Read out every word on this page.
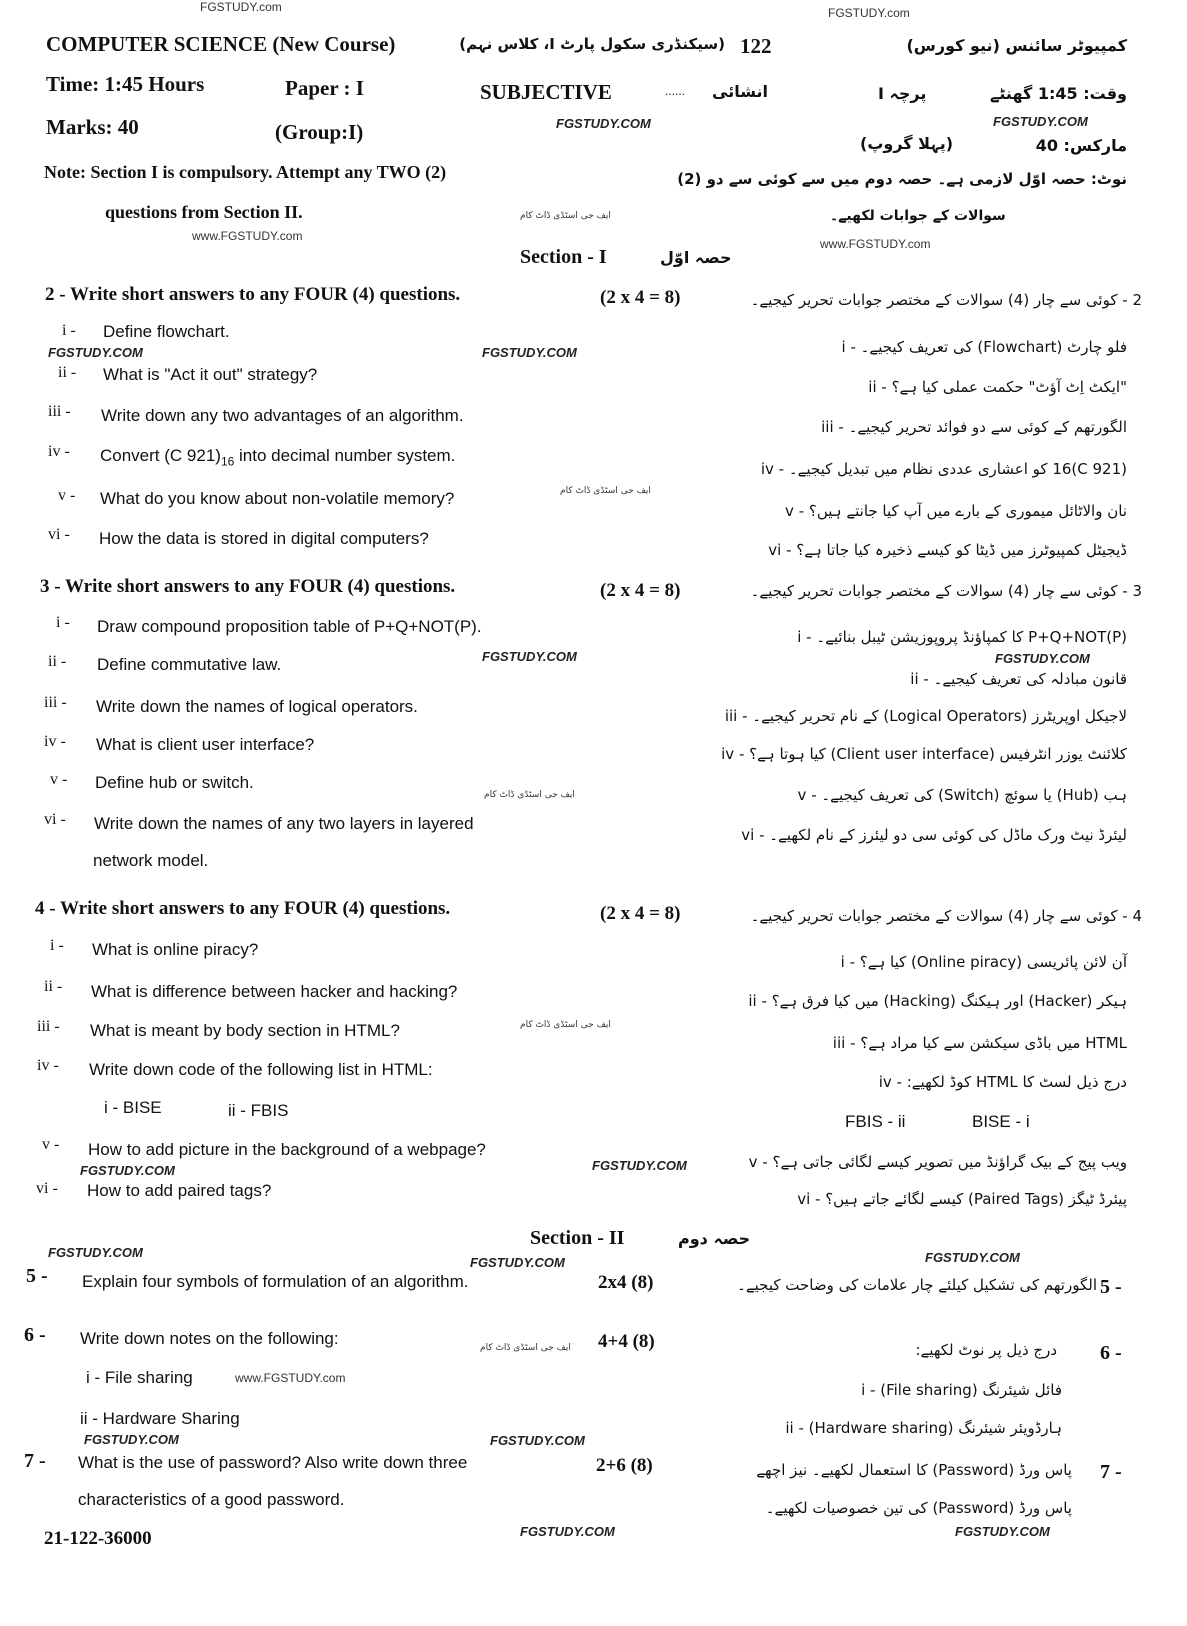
FGSTUDY.com	FGSTUDY.com
FGSTUDY.COM	FGSTUDY.COM
www.FGSTUDY.com
www.FGSTUDY.com
ایف جی اسٹڈی ڈاٹ کام
FGSTUDY.COM
FGSTUDY.COM
ایف جی اسٹڈی ڈاٹ کام
FGSTUDY.COM	FGSTUDY.COM
ایف جی اسٹڈی ڈاٹ کام
ایف جی اسٹڈی ڈاٹ کام
FGSTUDY.COM	FGSTUDY.COM
FGSTUDY.COM
FGSTUDY.COM	FGSTUDY.COM
ایف جی اسٹڈی ڈاٹ کام
www.FGSTUDY.com
FGSTUDY.COM	FGSTUDY.COM
FGSTUDY.COM	FGSTUDY.COM
COMPUTER SCIENCE (New Course)	122
(سیکنڈری سکول پارٹ I، کلاس نہم)	کمپیوٹر سائنس (نیو کورس)
Time: 1:45 Hours	Paper : I	SUBJECTIVE	...... انشائی	پرچہ I	وقت: 1:45 گھنٹے
Marks: 40	(Group:I)	(پہلا گروپ)	مارکس: 40
Note: Section I is compulsory. Attempt any TWO (2)
questions from Section II.
نوٹ: حصہ اوّل لازمی ہے۔ حصہ دوم میں سے کوئی سے دو (2)
سوالات کے جوابات لکھیے۔
Section - I	حصہ اوّل
2 - Write short answers to any FOUR (4) questions.	(2 x 4 = 8)	2 - کوئی سے چار (4) سوالات کے مختصر جوابات تحریر کیجیے۔
i - Define flowchart.
فلو چارٹ (Flowchart) کی تعریف کیجیے۔ - i
ii - What is "Act it out" strategy?
"ایکٹ اِٹ آؤٹ" حکمت عملی کیا ہے؟ - ii
iii - Write down any two advantages of an algorithm.
الگورتھم کے کوئی سے دو فوائد تحریر کیجیے۔ - iii
iv - Convert (C $921)_{16}$ into decimal number system.
(C 921)16 کو اعشاری عددی نظام میں تبدیل کیجیے۔ - iv
v - What do you know about non-volatile memory?
نان والاٹائل میموری کے بارے میں آپ کیا جانتے ہیں؟ - v
vi - How the data is stored in digital computers?
ڈیجیٹل کمپیوٹرز میں ڈیٹا کو کیسے ذخیرہ کیا جاتا ہے؟ - vi
3 - Write short answers to any FOUR (4) questions.	(2 x 4 = 8)	3 - کوئی سے چار (4) سوالات کے مختصر جوابات تحریر کیجیے۔
i - Draw compound proposition table of P+Q+NOT(P).
P+Q+NOT(P) کا کمپاؤنڈ پروپوزیشن ٹیبل بنائیے۔ - i
ii - Define commutative law.
قانون مبادلہ کی تعریف کیجیے۔ - ii
iii - Write down the names of logical operators.	لاجیکل اوپریٹرز (Logical Operators) کے نام تحریر کیجیے۔ - iii
iv - What is client user interface?	کلائنٹ یوزر انٹرفیس (Client user interface) کیا ہوتا ہے؟ - iv
v - Define hub or switch.
ہب (Hub) یا سوئچ (Switch) کی تعریف کیجیے۔ - v
vi - Write down the names of any two layers in layered
network model.
لیئرڈ نیٹ ورک ماڈل کی کوئی سی دو لیئرز کے نام لکھیے۔ - vi
4 - Write short answers to any FOUR (4) questions.	(2 x 4 = 8)	4 - کوئی سے چار (4) سوالات کے مختصر جوابات تحریر کیجیے۔
i - What is online piracy?
آن لائن پائریسی (Online piracy) کیا ہے؟ - i
ii - What is difference between hacker and hacking?	ہیکر (Hacker) اور ہیکنگ (Hacking) میں کیا فرق ہے؟ - ii
iii - What is meant by body section in HTML?
HTML میں باڈی سیکشن سے کیا مراد ہے؟ - iii
iv - Write down code of the following list in HTML:
درج ذیل لسٹ کا HTML کوڈ لکھیے: - iv
i - BISE	ii - FBIS
FBIS - ii	BISE - i
v - How to add picture in the background of a webpage?
ویب پیج کے بیک گراؤنڈ میں تصویر کیسے لگائی جاتی ہے؟ - v
vi - How to add paired tags?	پیئرڈ ٹیگز (Paired Tags) کیسے لگائے جاتے ہیں؟ - vi
Section - II	حصہ دوم
5 - Explain four symbols of formulation of an algorithm.	2x4 (8)	الگورتھم کی تشکیل کیلئے چار علامات کی وضاحت کیجیے۔ 5 -
6 - Write down notes on the following:	4+4 (8)	درج ذیل پر نوٹ لکھیے: 6 -
i - File sharing
ii - Hardware Sharing
فائل شیئرنگ (File sharing) - i
ہارڈویئر شیئرنگ (Hardware sharing) - ii
7 - What is the use of password? Also write down three
characteristics of a good password.
2+6 (8)	پاس ورڈ (Password) کا استعمال لکھیے۔ نیز اچھے
پاس ورڈ (Password) کی تین خصوصیات لکھیے۔
7 -
21-122-36000
